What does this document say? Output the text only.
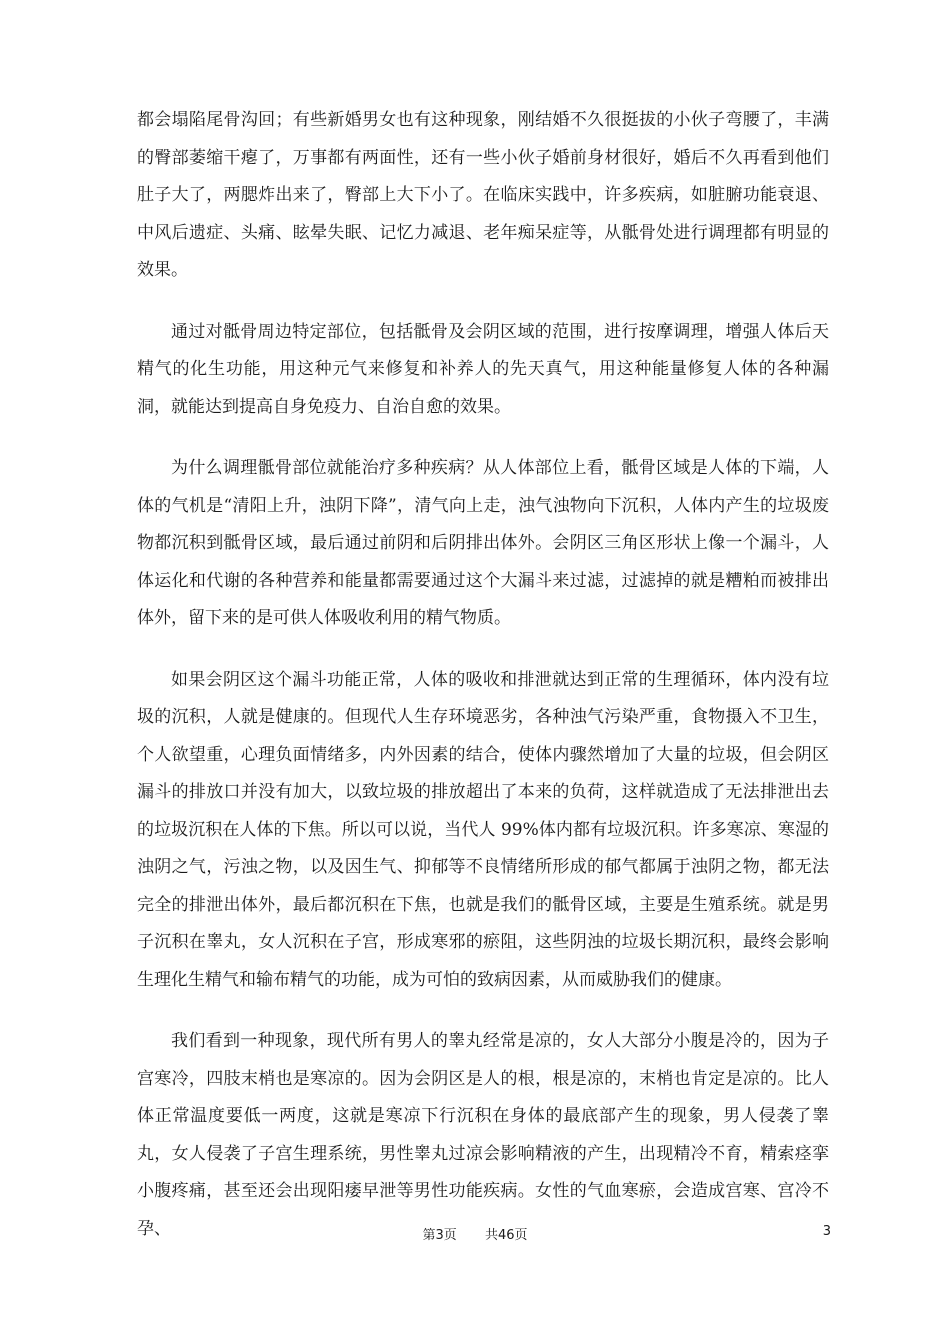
都会塌陷尾骨沟回；有些新婚男女也有这种现象，刚结婚不久很挺拔的小伙子弯腰了，丰满的臀部萎缩干瘪了，万事都有两面性，还有一些小伙子婚前身材很好，婚后不久再看到他们肚子大了，两腮炸出来了，臀部上大下小了。在临床实践中，许多疾病，如脏腑功能衰退、中风后遗症、头痛、眩晕失眠、记忆力减退、老年痴呆症等，从骶骨处进行调理都有明显的效果。

通过对骶骨周边特定部位，包括骶骨及会阴区域的范围，进行按摩调理，增强人体后天精气的化生功能，用这种元气来修复和补养人的先天真气，用这种能量修复人体的各种漏洞，就能达到提高自身免疫力、自治自愈的效果。

为什么调理骶骨部位就能治疗多种疾病？从人体部位上看，骶骨区域是人体的下端，人体的气机是“清阳上升，浊阴下降”，清气向上走，浊气浊物向下沉积，人体内产生的垃圾废物都沉积到骶骨区域，最后通过前阴和后阴排出体外。会阴区三角区形状上像一个漏斗，人体运化和代谢的各种营养和能量都需要通过这个大漏斗来过滤，过滤掉的就是糟粕而被排出体外，留下来的是可供人体吸收利用的精气物质。

如果会阴区这个漏斗功能正常，人体的吸收和排泄就达到正常的生理循环，体内没有垃圾的沉积，人就是健康的。但现代人生存环境恶劣，各种浊气污染严重，食物摄入不卫生，个人欲望重，心理负面情绪多，内外因素的结合，使体内骤然增加了大量的垃圾，但会阴区漏斗的排放口并没有加大，以致垃圾的排放超出了本来的负荷，这样就造成了无法排泄出去的垃圾沉积在人体的下焦。所以可以说，当代人 99%体内都有垃圾沉积。许多寒凉、寒湿的浊阴之气，污浊之物，以及因生气、抑郁等不良情绪所形成的郁气都属于浊阴之物，都无法完全的排泄出体外，最后都沉积在下焦，也就是我们的骶骨区域，主要是生殖系统。就是男子沉积在睾丸，女人沉积在子宫，形成寒邪的瘀阻，这些阴浊的垃圾长期沉积，最终会影响生理化生精气和输布精气的功能，成为可怕的致病因素，从而威胁我们的健康。

我们看到一种现象，现代所有男人的睾丸经常是凉的，女人大部分小腹是冷的，因为子宫寒冷，四肢末梢也是寒凉的。因为会阴区是人的根，根是凉的，末梢也肯定是凉的。比人体正常温度要低一两度，这就是寒凉下行沉积在身体的最底部产生的现象，男人侵袭了睾丸，女人侵袭了子宫生理系统，男性睾丸过凉会影响精液的产生，出现精冷不育，精索痉挛小腹疼痛，甚至还会出现阳痿早泄等男性功能疾病。女性的气血寒瘀，会造成宫寒、宫冷不孕、	第3页 共46页	3
